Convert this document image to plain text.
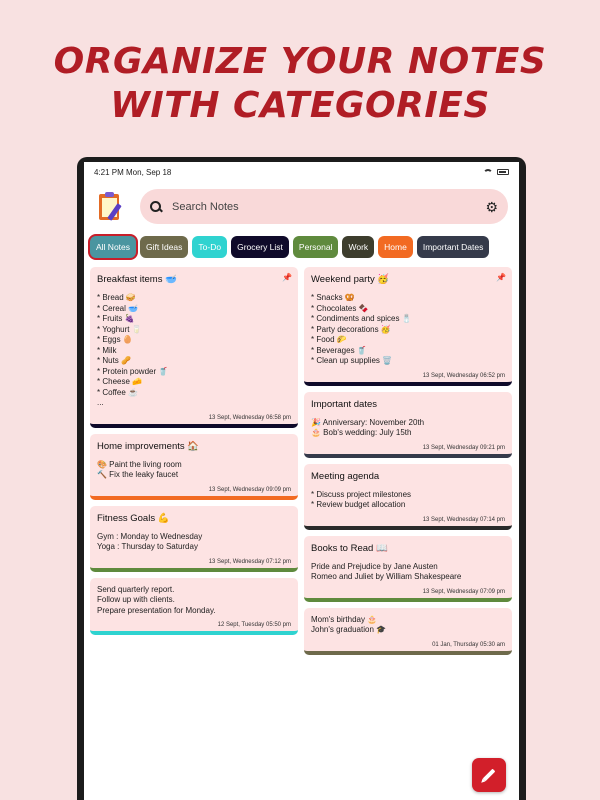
ORGANIZE YOUR NOTES
WITH CATEGORIES
4:21 PM Mon, Sep 18
Search Notes
⚙
All Notes	Gift Ideas	To-Do	Grocery List	Personal	Work	Home	Important Dates
Breakfast items 🥣	📌
* Bread 🥪
* Cereal 🥣
* Fruits 🍇
* Yoghurt 🥛
* Eggs 🥚
* Milk
* Nuts 🥜
* Protein powder 🥤
* Cheese 🧀
* Coffee ☕
...
13 Sept, Wednesday 06:58 pm
Home improvements 🏠
🎨 Paint the living room
🔨 Fix the leaky faucet
13 Sept, Wednesday 09:09 pm
Fitness Goals 💪
Gym : Monday to Wednesday
Yoga : Thursday to Saturday
13 Sept, Wednesday 07:12 pm
Send quarterly report.
Follow up with clients.
Prepare presentation for Monday.
12 Sept, Tuesday 05:50 pm
Weekend party 🥳	📌
* Snacks 🥨
* Chocolates 🍫
* Condiments and spices 🧂
* Party decorations 🥳
* Food 🌮
* Beverages 🥤
* Clean up supplies 🗑️
13 Sept, Wednesday 06:52 pm
Important dates
🎉 Anniversary: November 20th
🎂 Bob's wedding: July 15th
13 Sept, Wednesday 09:21 pm
Meeting agenda
* Discuss project milestones
* Review budget allocation
13 Sept, Wednesday 07:14 pm
Books to Read 📖
Pride and Prejudice by Jane Austen
Romeo and Juliet by William Shakespeare
13 Sept, Wednesday 07:09 pm
Mom's birthday 🎂
John's graduation 🎓
01 Jan, Thursday 05:30 am
